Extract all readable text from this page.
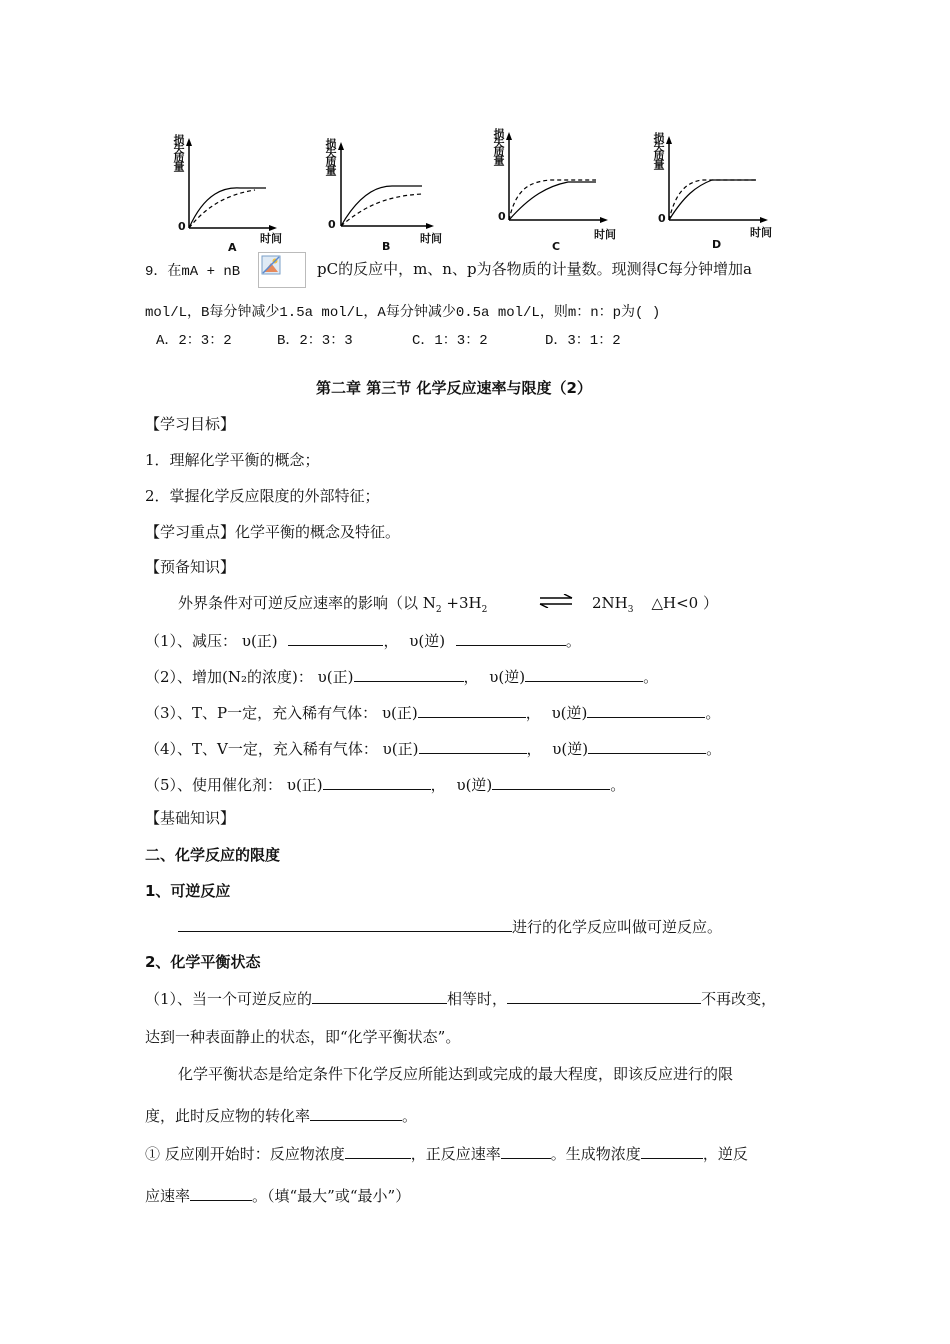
损失质量
0
时间
A
损失质量
0
时间
B
损失质量
0
时间
C
损失质量
0
时间
D
9．在mA + nB	pC的反应中，m、n、p为各物质的计量数。现测得C每分钟增加a
mol/L，B每分钟减少1.5a mol/L，A每分钟减少0.5a mol/L，则m：n：p为( )
A．2：3：2	B．2：3：3	C．1：3：2	D．3：1：2
第二章 第三节 化学反应速率与限度（2）
【学习目标】
1．理解化学平衡的概念；
2．掌握化学反应限度的外部特征；
【学习重点】化学平衡的概念及特征。
【预备知识】
外界条件对可逆反应速率的影响（以 $N_2 +3H_2$ ⇌ $2NH_3$ △H<0 ）
（1）、减压： υ(正)	， υ(逆)	。
（2）、增加(N₂的浓度)： υ(正)	， υ(逆)	。
（3）、T、P一定，充入稀有气体： υ(正)	， υ(逆)	。
（4）、T、V一定，充入稀有气体： υ(正)	， υ(逆)	。
（5）、使用催化剂： υ(正)	， υ(逆)	。
【基础知识】
二、化学反应的限度
1、可逆反应
进行的化学反应叫做可逆反应。
2、化学平衡状态
（1）、当一个可逆反应的	相等时，	不再改变，
达到一种表面静止的状态，即“化学平衡状态”。
化学平衡状态是给定条件下化学反应所能达到或完成的最大程度，即该反应进行的限
度，此时反应物的转化率	。
① 反应刚开始时：反应物浓度	，正反应速率	。生成物浓度	，逆反
应速率	。（填“最大”或“最小”）
